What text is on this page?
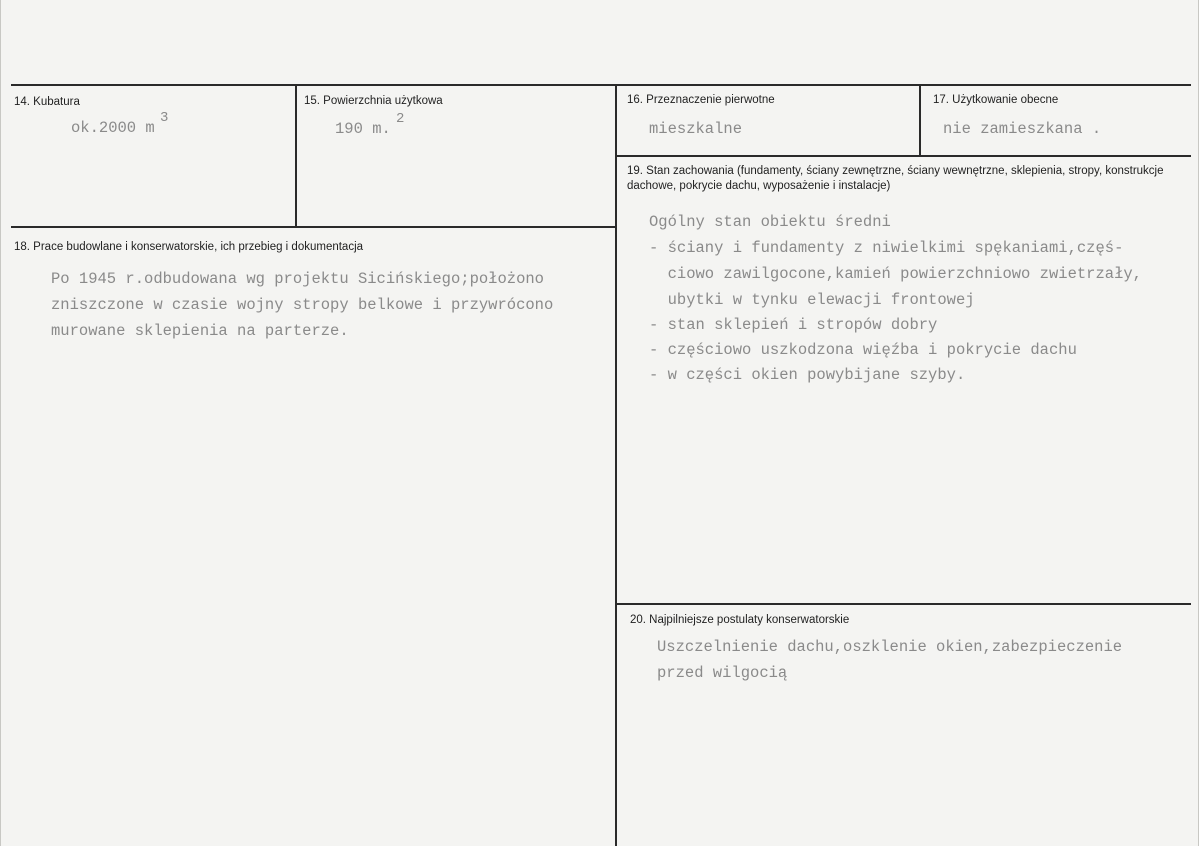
14. Kubatura
ok.2000 m
3
15. Powierzchnia użytkowa
190 m.
2
16. Przeznaczenie pierwotne
mieszkalne
17. Użytkowanie obecne
nie zamieszkana .
18. Prace budowlane i konserwatorskie, ich przebieg i dokumentacja
Po 1945 r.odbudowana wg projektu Sicińskiego;położono
zniszczone w czasie wojny stropy belkowe i przywrócono
murowane sklepienia na parterze.
19. Stan zachowania (fundamenty, ściany zewnętrzne, ściany wewnętrzne, sklepienia, stropy, konstrukcje dachowe, pokrycie dachu, wyposażenie i instalacje)
Ogólny stan obiektu średni
- ściany i fundamenty z niwielkimi spękaniami,częś-
ciowo zawilgocone,kamień powierzchniowo zwietrzały,
ubytki w tynku elewacji frontowej
- stan sklepień i stropów dobry
- częściowo uszkodzona więźba i pokrycie dachu
- w części okien powybijane szyby.
20. Najpilniejsze postulaty konserwatorskie
Uszczelnienie dachu,oszklenie okien,zabezpieczenie
przed wilgocią
